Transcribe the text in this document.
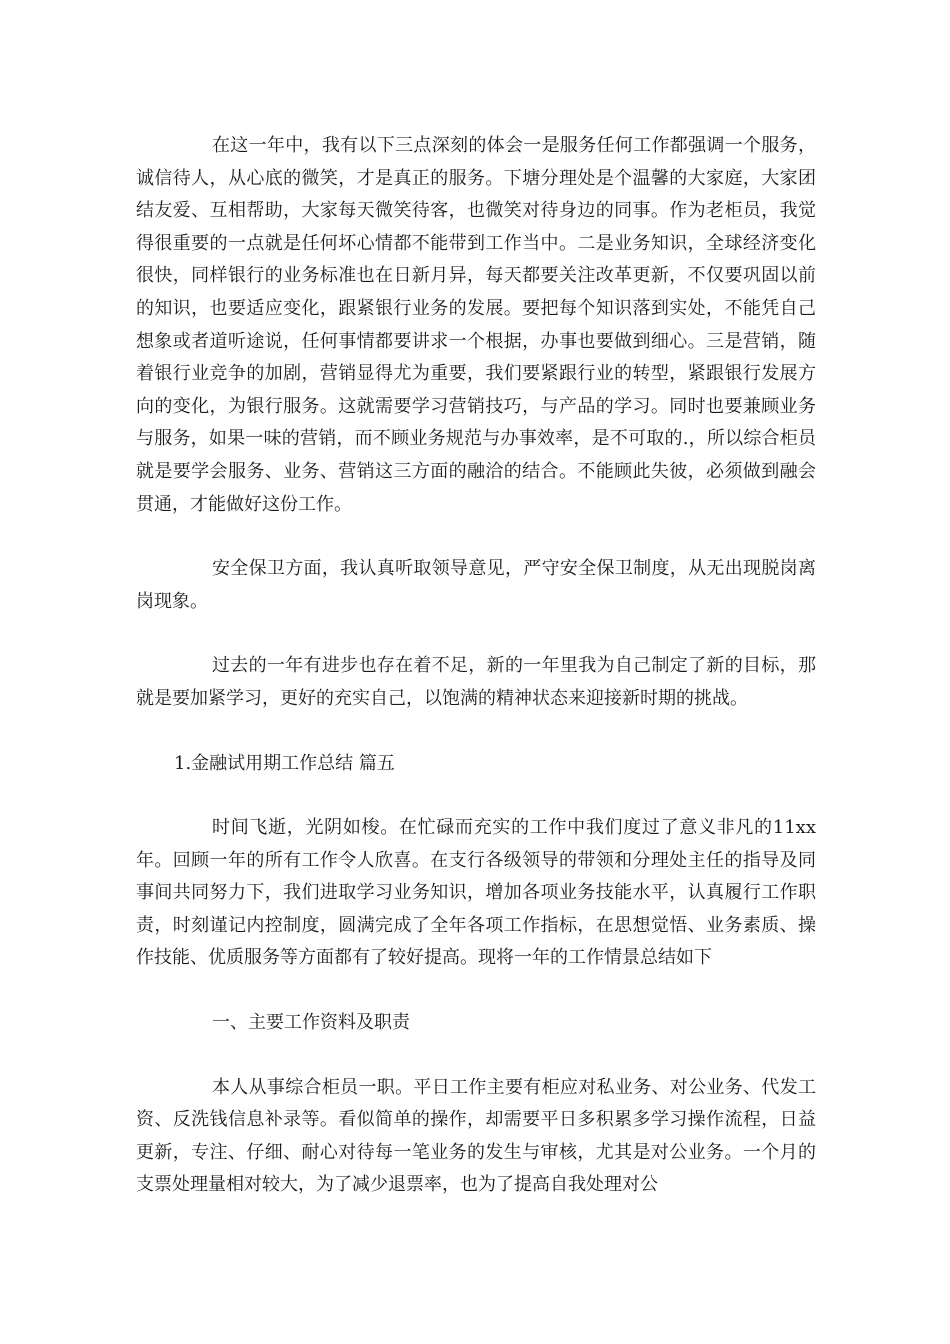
在这一年中，我有以下三点深刻的体会一是服务任何工作都强调一个服务，诚信待人，从心底的微笑，才是真正的服务。下塘分理处是个温馨的大家庭，大家团结友爱、互相帮助，大家每天微笑待客，也微笑对待身边的同事。作为老柜员，我觉得很重要的一点就是任何坏心情都不能带到工作当中。二是业务知识，全球经济变化很快，同样银行的业务标准也在日新月异，每天都要关注改革更新，不仅要巩固以前的知识，也要适应变化，跟紧银行业务的发展。要把每个知识落到实处，不能凭自己想象或者道听途说，任何事情都要讲求一个根据，办事也要做到细心。三是营销，随着银行业竞争的加剧，营销显得尤为重要，我们要紧跟行业的转型，紧跟银行发展方向的变化，为银行服务。这就需要学习营销技巧，与产品的学习。同时也要兼顾业务与服务，如果一味的营销，而不顾业务规范与办事效率，是不可取的.，所以综合柜员就是要学会服务、业务、营销这三方面的融洽的结合。不能顾此失彼，必须做到融会贯通，才能做好这份工作。

安全保卫方面，我认真听取领导意见，严守安全保卫制度，从无出现脱岗离岗现象。

过去的一年有进步也存在着不足，新的一年里我为自己制定了新的目标，那就是要加紧学习，更好的充实自己，以饱满的精神状态来迎接新时期的挑战。

1.金融试用期工作总结 篇五

时间飞逝，光阴如梭。在忙碌而充实的工作中我们度过了意义非凡的11xx年。回顾一年的所有工作令人欣喜。在支行各级领导的带领和分理处主任的指导及同事间共同努力下，我们进取学习业务知识，增加各项业务技能水平，认真履行工作职责，时刻谨记内控制度，圆满完成了全年各项工作指标，在思想觉悟、业务素质、操作技能、优质服务等方面都有了较好提高。现将一年的工作情景总结如下

一、主要工作资料及职责

本人从事综合柜员一职。平日工作主要有柜应对私业务、对公业务、代发工资、反洗钱信息补录等。看似简单的操作，却需要平日多积累多学习操作流程，日益更新，专注、仔细、耐心对待每一笔业务的发生与审核，尤其是对公业务。一个月的支票处理量相对较大，为了减少退票率，也为了提高自我处理对公
